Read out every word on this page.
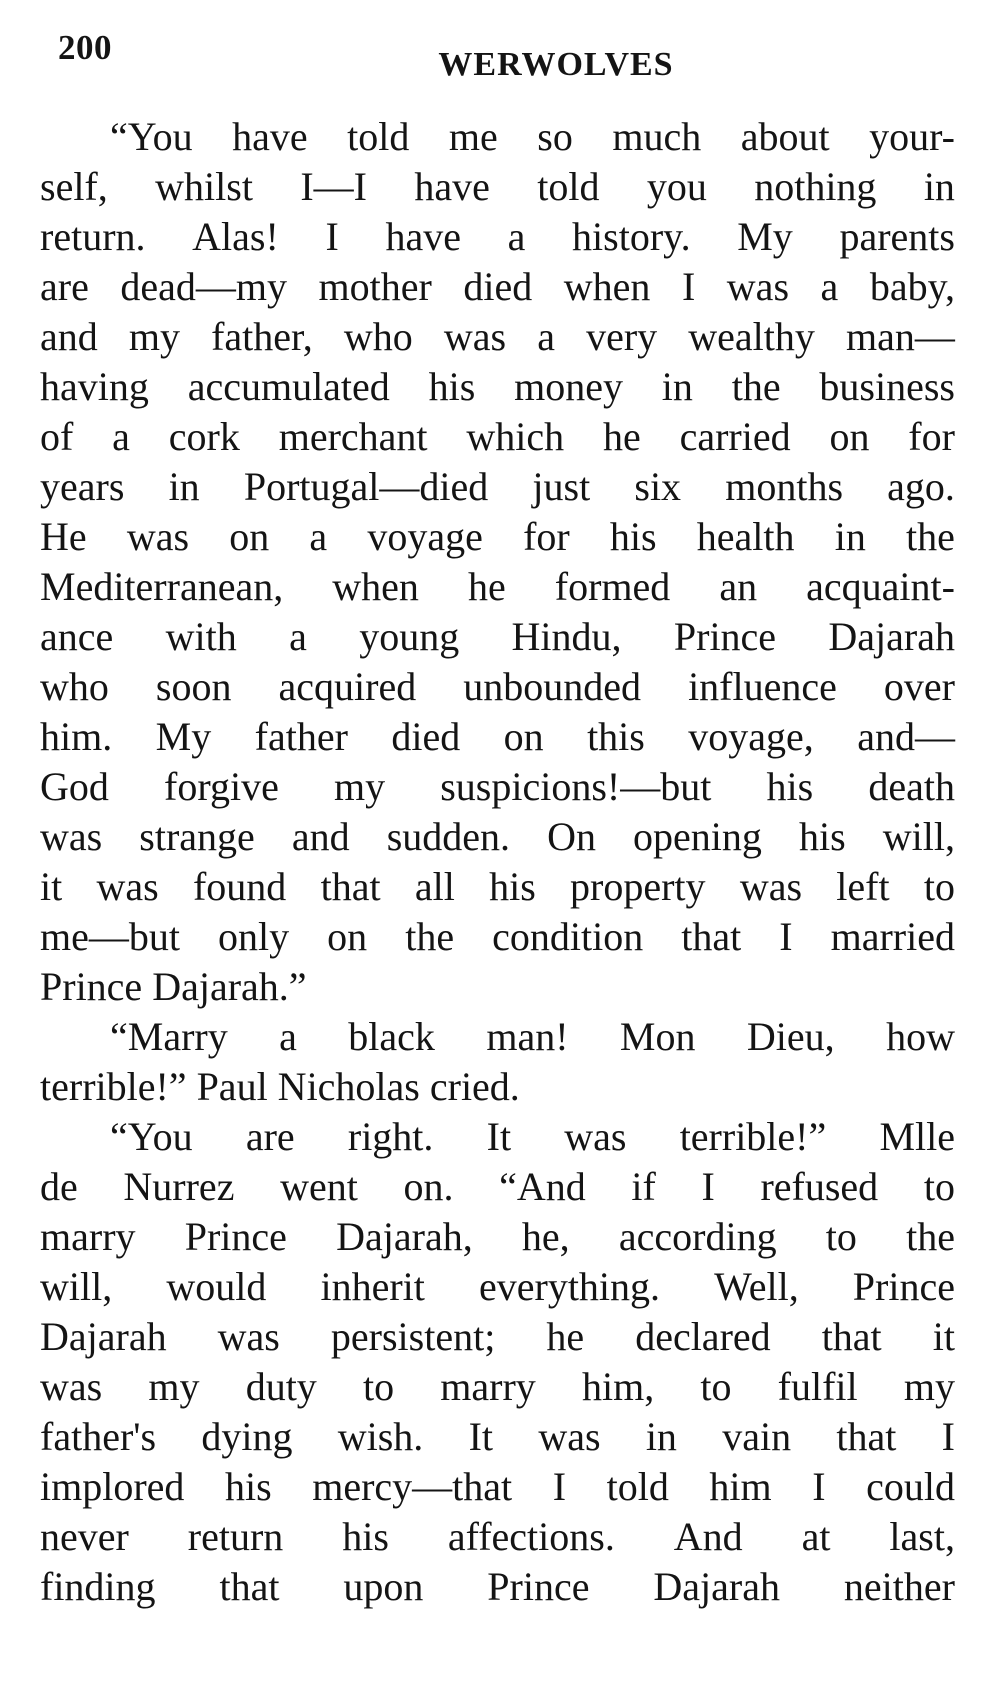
200	WERWOLVES
“You have told me so much about your-
self, whilst I—I have told you nothing in
return. Alas! I have a history. My parents
are dead—my mother died when I was a baby,
and my father, who was a very wealthy man—
having accumulated his money in the business
of a cork merchant which he carried on for
years in Portugal—died just six months ago.
He was on a voyage for his health in the
Mediterranean, when he formed an acquaint-
ance with a young Hindu, Prince Dajarah
who soon acquired unbounded influence over
him. My father died on this voyage, and—
God forgive my suspicions!—but his death
was strange and sudden. On opening his will,
it was found that all his property was left to
me—but only on the condition that I married
Prince Dajarah.”
“Marry a black man! Mon Dieu, how
terrible!” Paul Nicholas cried.
“You are right. It was terrible!” Mlle
de Nurrez went on. “And if I refused to
marry Prince Dajarah, he, according to the
will, would inherit everything. Well, Prince
Dajarah was persistent; he declared that it
was my duty to marry him, to fulfil my
father's dying wish. It was in vain that I
implored his mercy—that I told him I could
never return his affections. And at last,
finding that upon Prince Dajarah neither
